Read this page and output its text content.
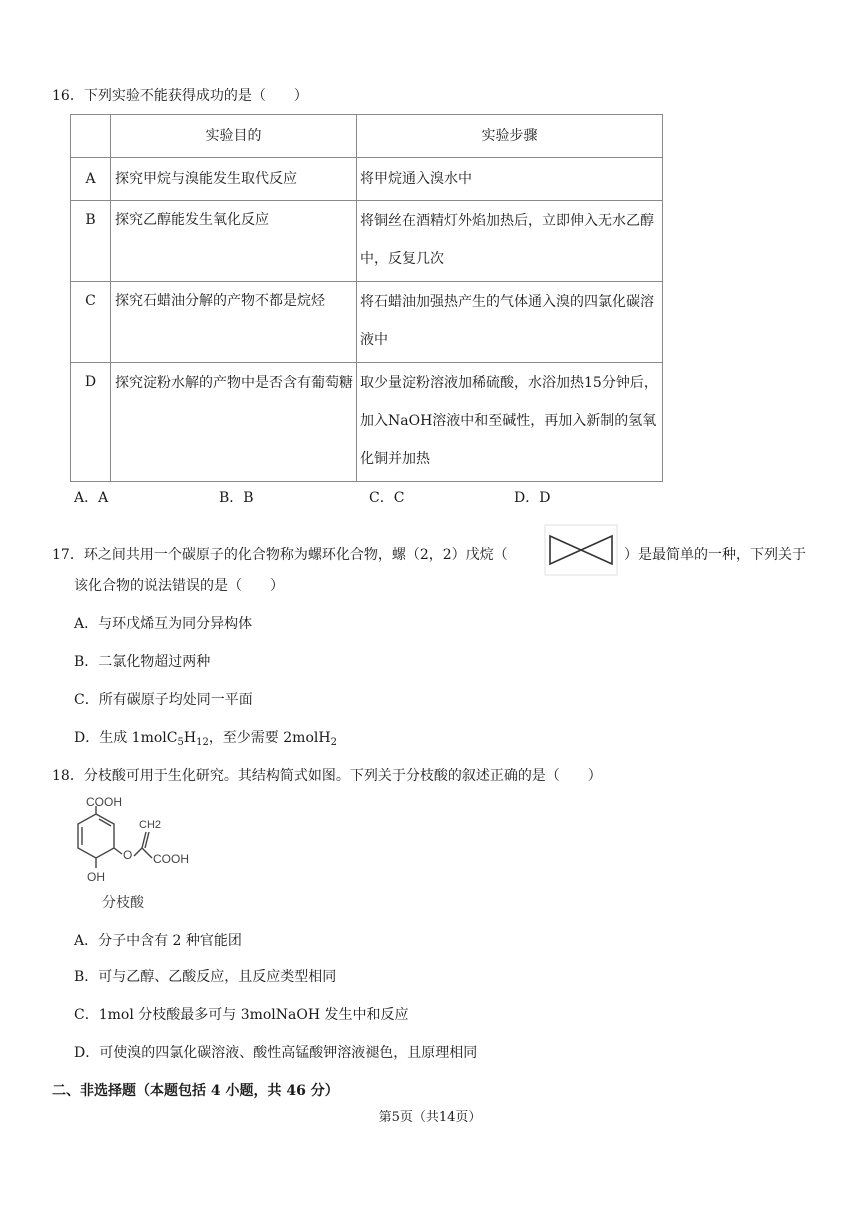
16．下列实验不能获得成功的是（　　）
	实验目的	实验步骤
A	探究甲烷与溴能发生取代反应	将甲烷通入溴水中
B	探究乙醇能发生氧化反应	将铜丝在酒精灯外焰加热后，立即伸入无水乙醇中，反复几次

C	探究石蜡油分解的产物不都是烷烃	将石蜡油加强热产生的气体通入溴的四氯化碳溶液中

D	探究淀粉水解的产物中是否含有葡萄糖	取少量淀粉溶液加稀硫酸，水浴加热15分钟后，加入NaOH溶液中和至碱性，再加入新制的氢氧化铜并加热
A．A	B．B	C．C	D．D
17．环之间共用一个碳原子的化合物称为螺环化合物，螺（2，2）戊烷（	）是最简单的一种，下列关于
该化合物的说法错误的是（　　）
A．与环戊烯互为同分异构体
B．二氯化物超过两种
C．所有碳原子均处同一平面
D．生成 $1molC_5H_{12}$，至少需要 2molH$_2$
18．分枝酸可用于生化研究。其结构简式如图。下列关于分枝酸的叙述正确的是（　　）
COOH
CH2
O COOH
OH
分枝酸
A．分子中含有 2 种官能团
B．可与乙醇、乙酸反应，且反应类型相同
C．1mol 分枝酸最多可与 3molNaOH 发生中和反应
D．可使溴的四氯化碳溶液、酸性高锰酸钾溶液褪色，且原理相同
二、非选择题（本题包括 4 小题，共 46 分）
第5页（共14页）
